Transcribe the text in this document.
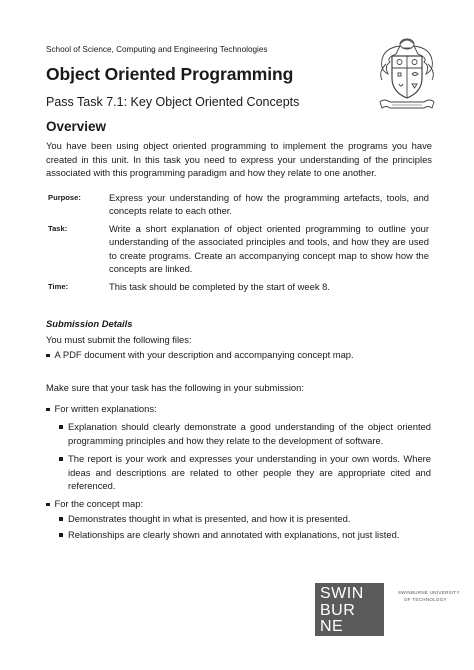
School of Science, Computing and Engineering Technologies
Object Oriented Programming
Pass Task 7.1: Key Object Oriented Concepts
Overview
You have been using object oriented programming to implement the programs you have created in this unit. In this task you need to express your understanding of the principles associated with this programming paradigm and how they relate to one another.
Purpose:	Express your understanding of how the programming artefacts, tools, and concepts relate to each other.
Task:	Write a short explanation of object oriented programming to outline your understanding of the associated principles and tools, and how they are used to create programs. Create an accompanying concept map to show how the concepts are linked.
Time:	This task should be completed by the start of week 8.
Submission Details
You must submit the following files:
A PDF document with your description and accompanying concept map.
Make sure that your task has the following in your submission:
For written explanations:
Explanation should clearly demonstrate a good understanding of the object oriented programming principles and how they relate to the development of software.
The report is your work and expresses your understanding in your own words. Where ideas and descriptions are related to other people they are appropriate cited and referenced.
For the concept map:
Demonstrates thought in what is presented, and how it is presented.
Relationships are clearly shown and annotated with explanations, not just listed.
SWIN
BUR
NE
SWINBURNE UNIVERSITY
OF TECHNOLOGY
